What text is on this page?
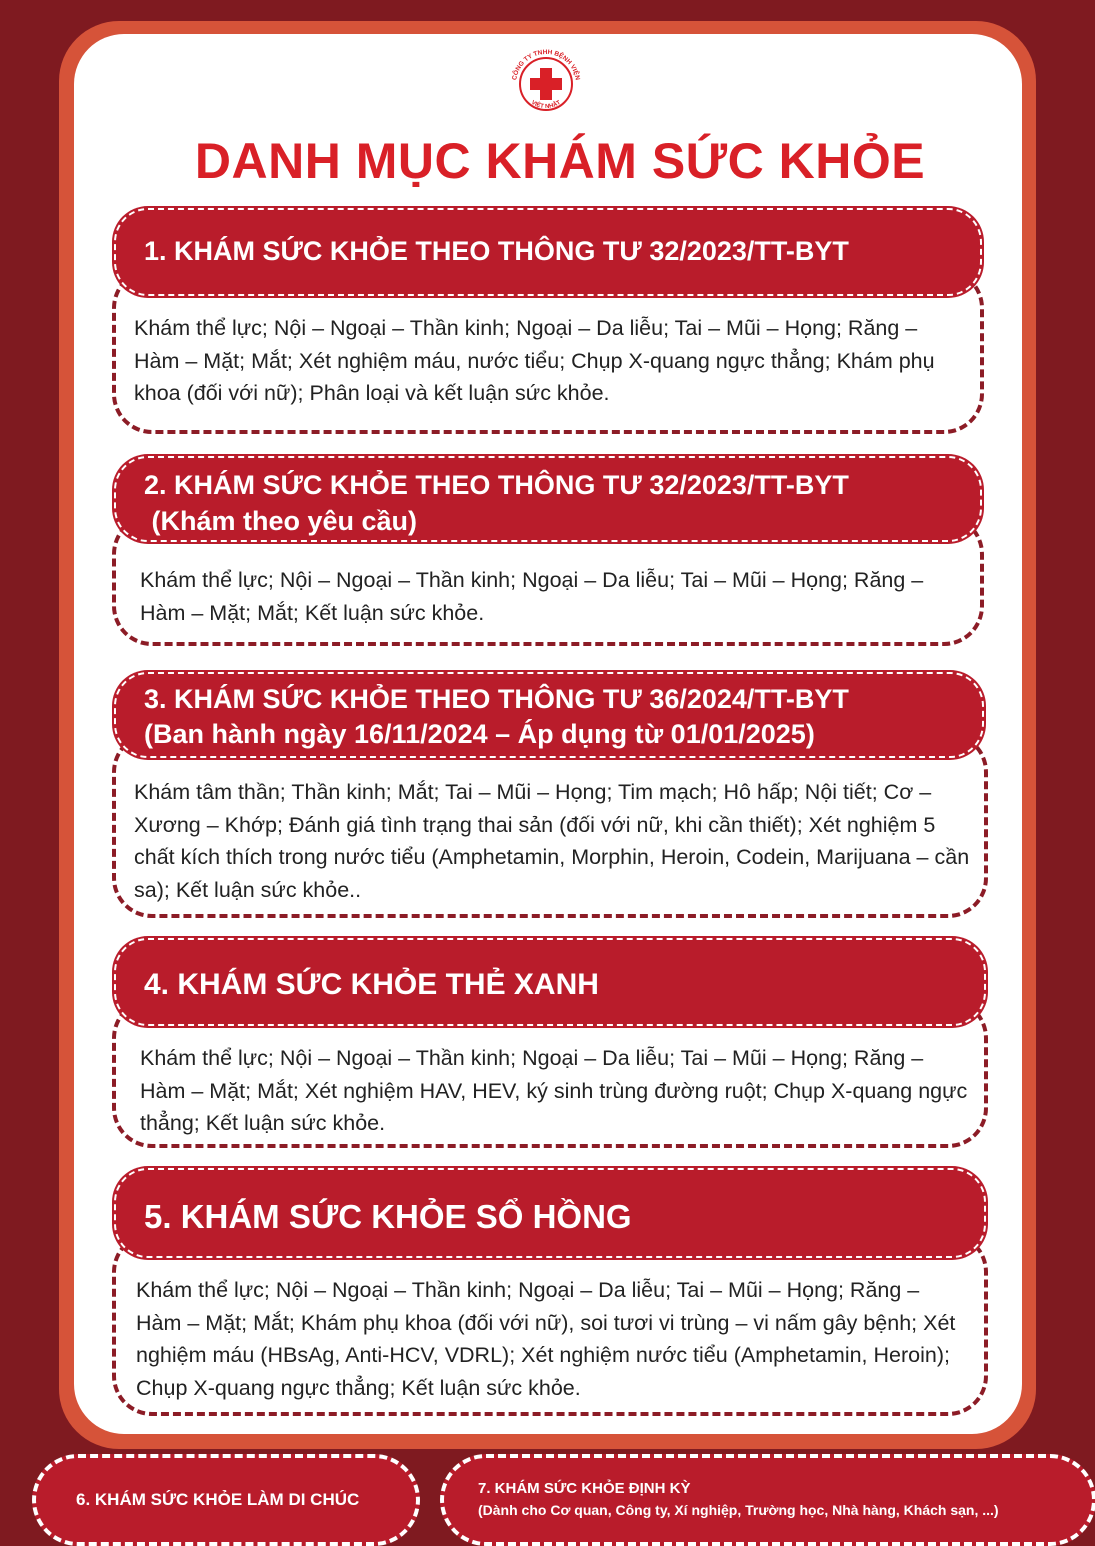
CÔNG TY TNHH BỆNH VIỆN
VIỆT NHẬT
DANH MỤC KHÁM SỨC KHỎE
Khám thể lực; Nội – Ngoại – Thần kinh; Ngoại – Da liễu; Tai – Mũi – Họng; Răng – Hàm – Mặt; Mắt; Xét nghiệm máu, nước tiểu; Chụp X-quang ngực thẳng; Khám phụ khoa (đối với nữ); Phân loại và kết luận sức khỏe.
1. KHÁM SỨC KHỎE THEO THÔNG TƯ 32/2023/TT-BYT
Khám thể lực; Nội – Ngoại – Thần kinh; Ngoại – Da liễu; Tai – Mũi – Họng; Răng – Hàm – Mặt; Mắt; Kết luận sức khỏe.
2. KHÁM SỨC KHỎE THEO THÔNG TƯ 32/2023/TT-BYT
(Khám theo yêu cầu)
Khám tâm thần; Thần kinh; Mắt; Tai – Mũi – Họng; Tim mạch; Hô hấp; Nội tiết; Cơ – Xương – Khớp; Đánh giá tình trạng thai sản (đối với nữ, khi cần thiết); Xét nghiệm 5 chất kích thích trong nước tiểu (Amphetamin, Morphin, Heroin, Codein, Marijuana – cần sa); Kết luận sức khỏe..
3. KHÁM SỨC KHỎE THEO THÔNG TƯ 36/2024/TT-BYT
(Ban hành ngày 16/11/2024 – Áp dụng từ 01/01/2025)
Khám thể lực; Nội – Ngoại – Thần kinh; Ngoại – Da liễu; Tai – Mũi – Họng; Răng – Hàm – Mặt; Mắt; Xét nghiệm HAV, HEV, ký sinh trùng đường ruột; Chụp X-quang ngực thẳng; Kết luận sức khỏe.
4. KHÁM SỨC KHỎE THẺ XANH
Khám thể lực; Nội – Ngoại – Thần kinh; Ngoại – Da liễu; Tai – Mũi – Họng; Răng – Hàm – Mặt; Mắt; Khám phụ khoa (đối với nữ), soi tươi vi trùng – vi nấm gây bệnh; Xét nghiệm máu (HBsAg, Anti-HCV, VDRL); Xét nghiệm nước tiểu (Amphetamin, Heroin); Chụp X-quang ngực thẳng; Kết luận sức khỏe.
5. KHÁM SỨC KHỎE SỔ HỒNG
6. KHÁM SỨC KHỎE LÀM DI CHÚC
7. KHÁM SỨC KHỎE ĐỊNH KỲ
(Dành cho Cơ quan, Công ty, Xí nghiệp, Trường học, Nhà hàng, Khách sạn, ...)
